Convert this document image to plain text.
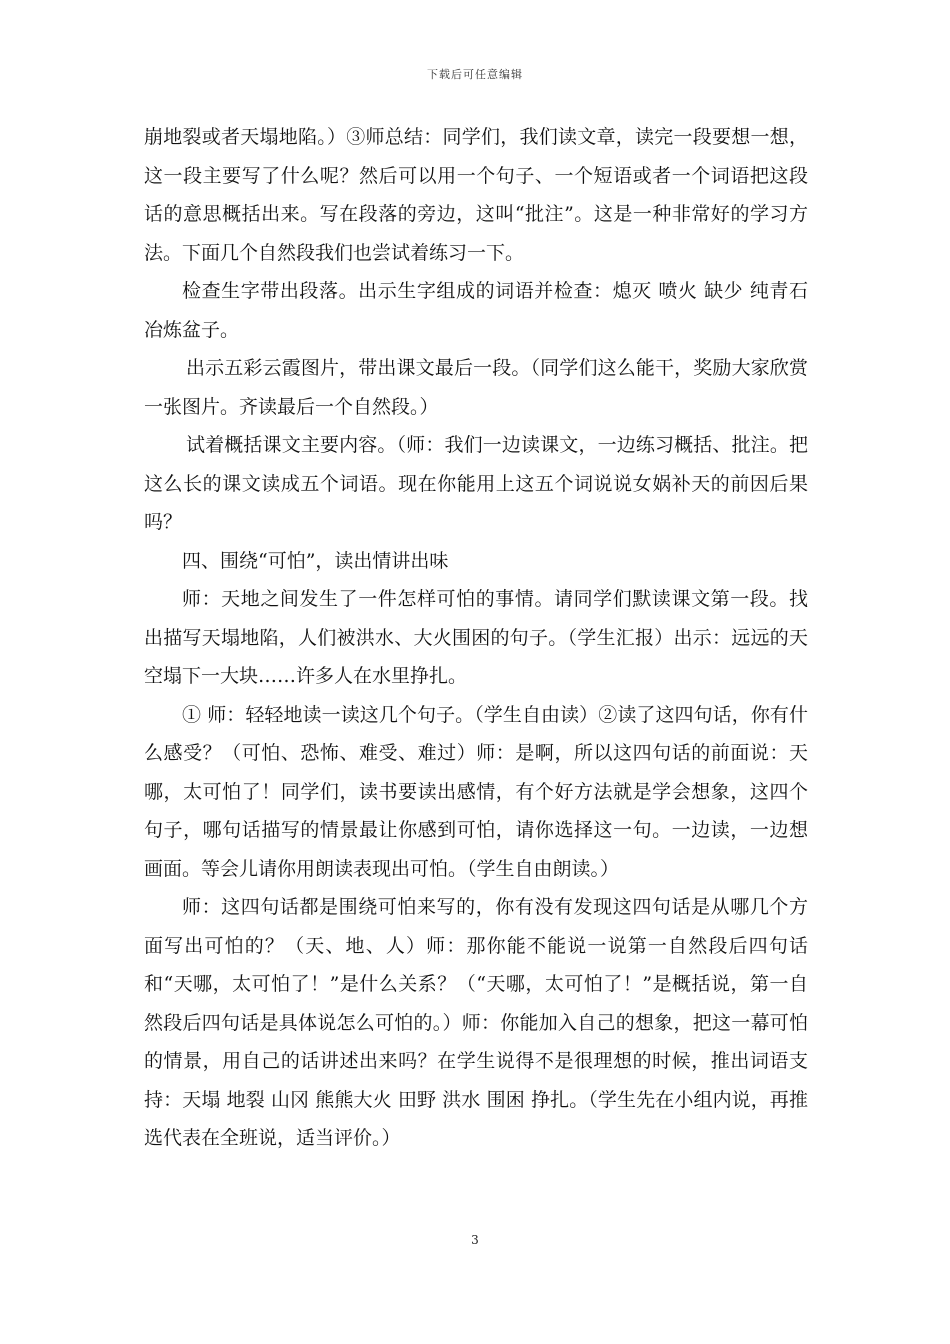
下载后可任意编辑

崩地裂或者天塌地陷。）③师总结：同学们，我们读文章，读完一段要想一想，这一段主要写了什么呢？然后可以用一个句子、一个短语或者一个词语把这段话的意思概括出来。写在段落的旁边，这叫“批注”。这是一种非常好的学习方法。下面几个自然段我们也尝试着练习一下。

检查生字带出段落。出示生字组成的词语并检查：熄灭 喷火 缺少 纯青石 冶炼盆子。

出示五彩云霞图片，带出课文最后一段。（同学们这么能干，奖励大家欣赏一张图片。齐读最后一个自然段。）

试着概括课文主要内容。（师：我们一边读课文，一边练习概括、批注。把这么长的课文读成五个词语。现在你能用上这五个词说说女娲补天的前因后果吗？

四、围绕“可怕”，读出情讲出味

师：天地之间发生了一件怎样可怕的事情。请同学们默读课文第一段。找出描写天塌地陷，人们被洪水、大火围困的句子。（学生汇报）出示：远远的天空塌下一大块……许多人在水里挣扎。

① 师：轻轻地读一读这几个句子。（学生自由读）②读了这四句话，你有什么感受？（可怕、恐怖、难受、难过）师：是啊，所以这四句话的前面说：天哪，太可怕了！同学们，读书要读出感情，有个好方法就是学会想象，这四个句子，哪句话描写的情景最让你感到可怕，请你选择这一句。一边读，一边想画面。等会儿请你用朗读表现出可怕。（学生自由朗读。）

师：这四句话都是围绕可怕来写的，你有没有发现这四句话是从哪几个方面写出可怕的？（天、地、人）师：那你能不能说一说第一自然段后四句话和“天哪，太可怕了！”是什么关系？（“天哪，太可怕了！”是概括说，第一自然段后四句话是具体说怎么可怕的。）师：你能加入自己的想象，把这一幕可怕的情景，用自己的话讲述出来吗？在学生说得不是很理想的时候，推出词语支持：天塌 地裂 山冈 熊熊大火 田野 洪水 围困 挣扎。（学生先在小组内说，再推选代表在全班说，适当评价。）

3
